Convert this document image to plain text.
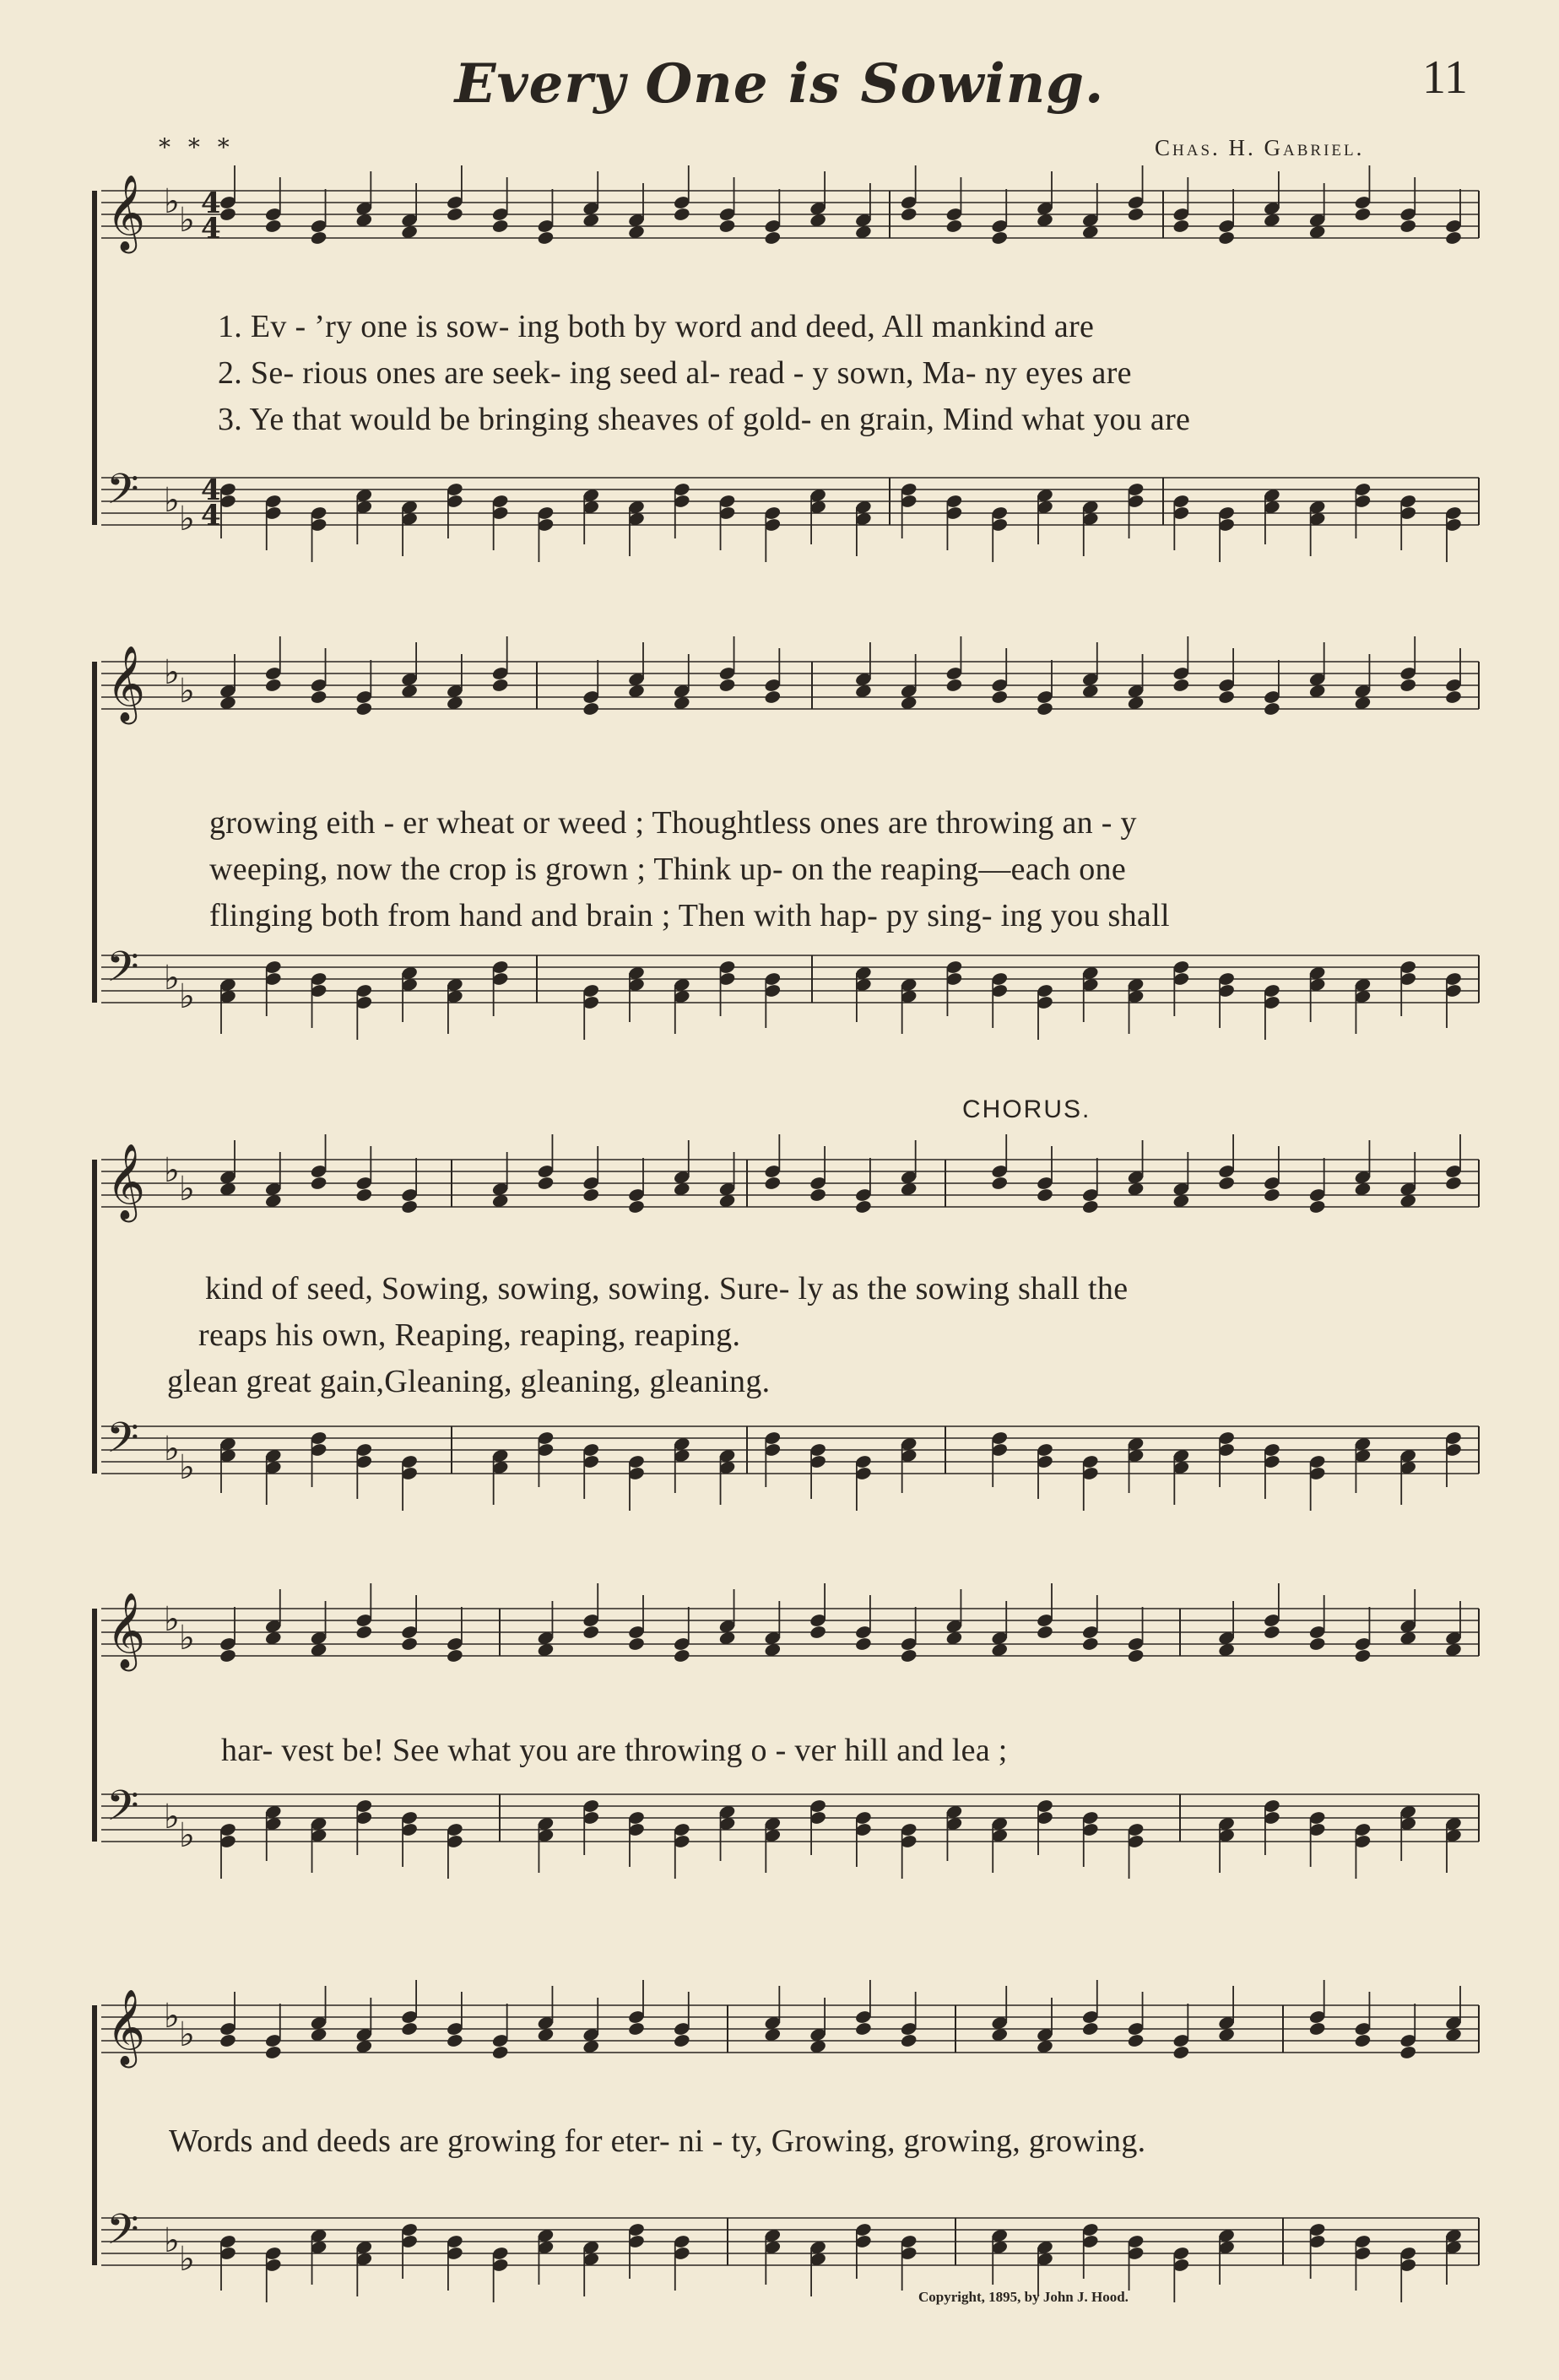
Every One is Sowing.	11
* * *	Chas. H. Gabriel.
𝄞 ♭ ♭
𝄢 ♭ ♭
4
4
4
4
𝄞 ♭ ♭
𝄢 ♭ ♭
𝄞 ♭ ♭
𝄢 ♭ ♭
𝄞 ♭ ♭
𝄢 ♭ ♭
𝄞 ♭ ♭
𝄢 ♭ ♭
1. Ev - ’ry one is sow- ing both by word and deed, All mankind are
2. Se- rious ones are seek- ing seed al- read - y sown, Ma- ny eyes are
3. Ye that would be bringing sheaves of gold- en grain, Mind what you are
growing eith - er wheat or weed ; Thoughtless ones are throwing an - y
weeping, now the crop is grown ; Think up- on the reaping—each one
flinging both from hand and brain ; Then with hap- py sing- ing you shall
CHORUS.
kind of seed, Sowing, sowing, sowing. Sure- ly as the sowing shall the
reaps his own, Reaping, reaping, reaping.
glean great gain,Gleaning, gleaning, gleaning.
har- vest be! See what you are throwing o - ver hill and lea ;
Words and deeds are growing for eter- ni - ty, Growing, growing, growing.
Copyright, 1895, by John J. Hood.
